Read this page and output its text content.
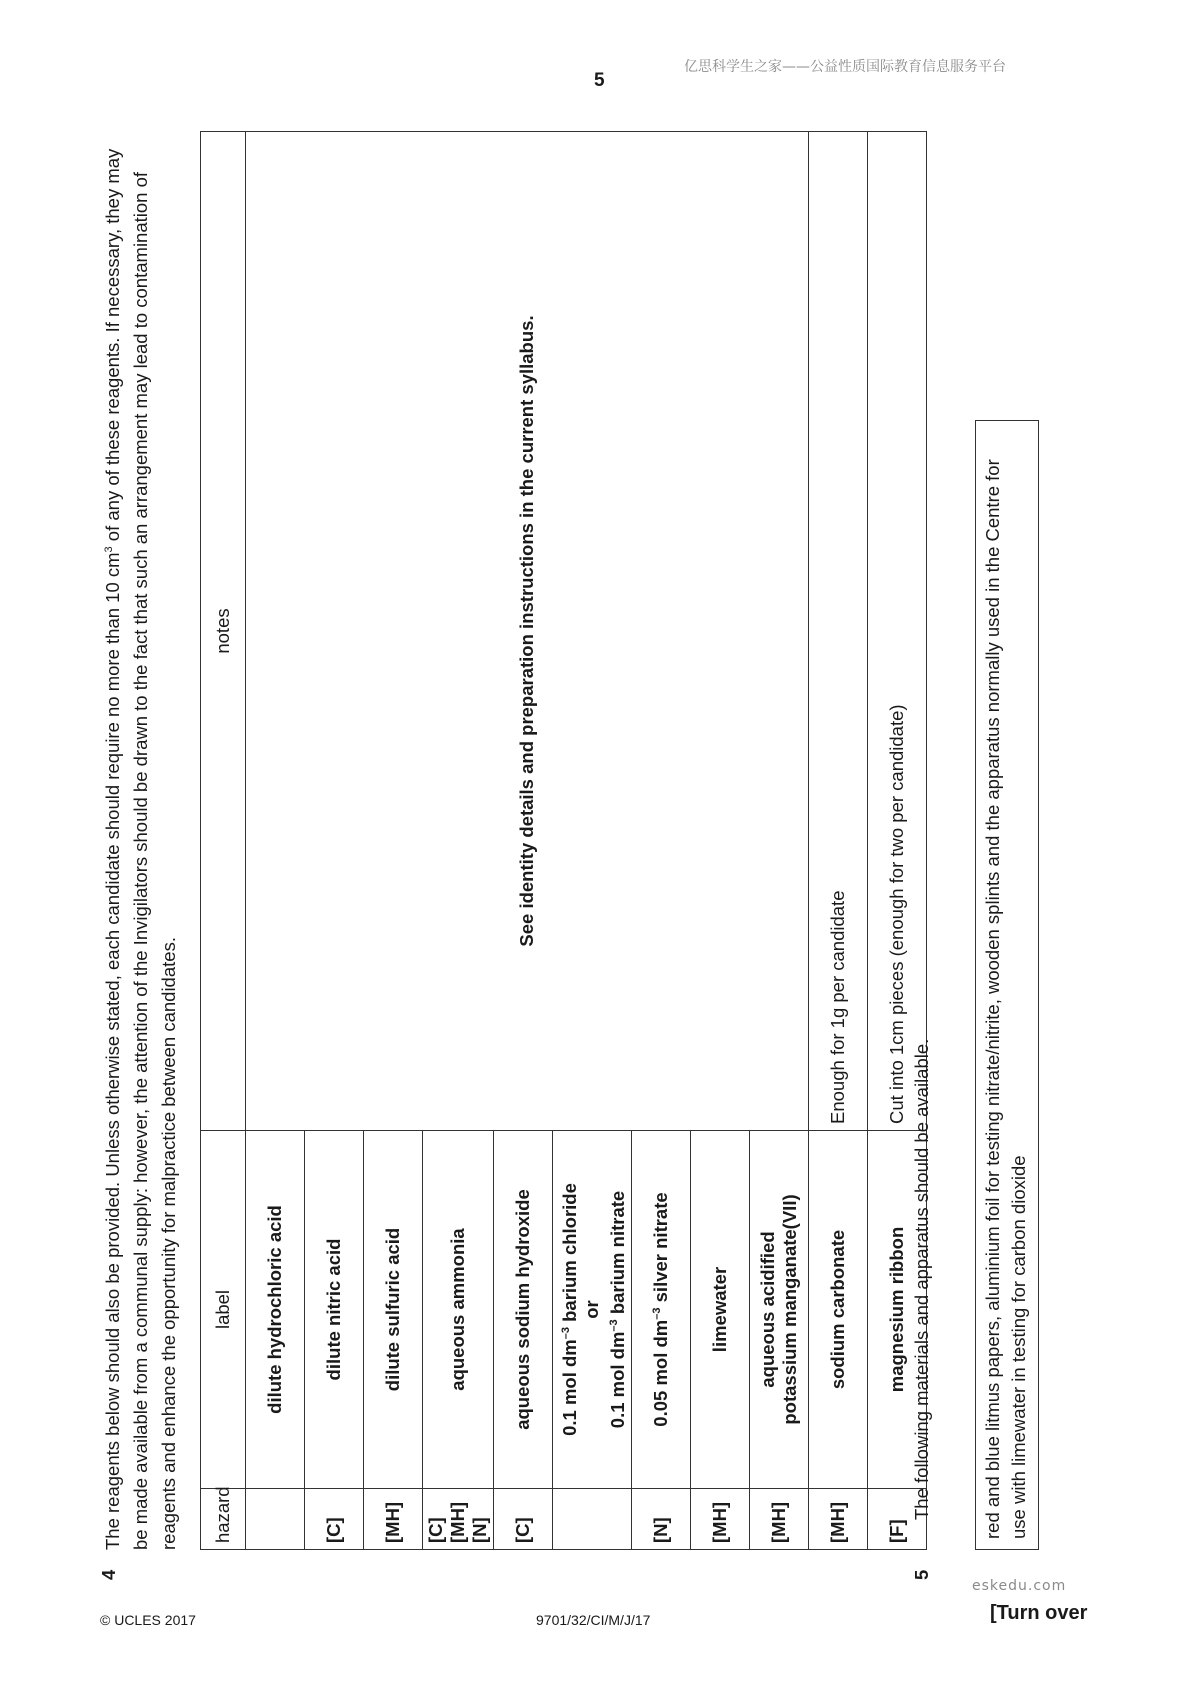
5
亿思科学生之家——公益性质国际教育信息服务平台
4
The reagents below should also be provided. Unless otherwise stated, each candidate should require no more than 10 $cm^3$ of any of these reagents. If necessary, they may be made available from a communal supply: however, the attention of the Invigilators should be drawn to the fact that such an arrangement may lead to contamination of reagents and enhance the opportunity for malpractice between candidates. hazard	label	notes
	dilute hydrochloric acid	See identity details and preparation instructions in the current syllabus.
[C]	dilute nitric acid	
[MH]	dilute sulfuric acid	

[C] [MH] [N]	aqueous ammonia	
[C]	aqueous sodium hydroxide	

	0.1 mol $dm^{-3}$ barium chloride or
0.1 mol $dm^{-3}$ barium nitrate	

[N]	0.05 mol $dm^{-3}$ silver nitrate	
[MH]	limewater	
[MH]	aqueous acidified potassium manganate(VII)	

[MH]	sodium carbonate	Enough for 1g per candidate
[F]	magnesium ribbon	Cut into 1cm pieces (enough for two per candidate)
5
The following materials and apparatus should be available.	red and blue litmus papers, aluminium foil for testing nitrate/nitrite, wooden splints and the apparatus normally used in the Centre for use with limewater in testing for carbon dioxide
eskedu.com
© UCLES 2017	9701/32/CI/M/J/17	[Turn over
